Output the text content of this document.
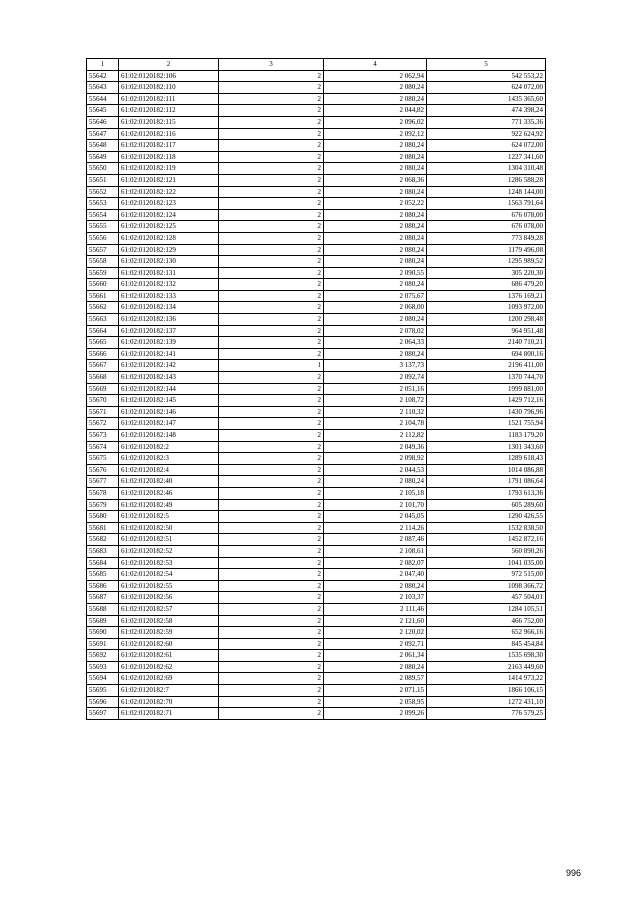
1	2	3	4	5
55642	61:02:0120182:106	2	2 062,94	542 553,22
55643	61:02:0120182:110	2	2 080,24	624 072,00
55644	61:02:0120182:111	2	2 080,24	1435 365,60
55645	61:02:0120182:112	2	2 044,82	474 398,24
55646	61:02:0120182:115	2	2 096,02	771 335,36
55647	61:02:0120182:116	2	2 092,12	922 624,92
55648	61:02:0120182:117	2	2 080,24	624 072,00
55649	61:02:0120182:118	2	2 080,24	1227 341,60
55650	61:02:0120182:119	2	2 080,24	1304 310,48
55651	61:02:0120182:121	2	2 068,36	1286 588,28
55652	61:02:0120182:122	2	2 080,24	1248 144,00
55653	61:02:0120182:123	2	2 052,22	1563 791,64
55654	61:02:0120182:124	2	2 080,24	676 078,00
55655	61:02:0120182:125	2	2 080,24	676 078,00
55656	61:02:0120182:128	2	2 080,24	773 849,28
55657	61:02:0120182:129	2	2 080,24	1179 496,08
55658	61:02:0120182:130	2	2 080,24	1295 989,52
55659	61:02:0120182:131	2	2 090,55	305 220,30
55660	61:02:0120182:132	2	2 080,24	686 479,20
55661	61:02:0120182:133	2	2 075,67	1376 169,21
55662	61:02:0120182:134	2	2 068,00	1093 972,00
55663	61:02:0120182:136	2	2 080,24	1200 298,48
55664	61:02:0120182:137	2	2 078,02	964 951,48
55665	61:02:0120182:139	2	2 064,33	2140 710,21
55666	61:02:0120182:141	2	2 080,24	694 800,16
55667	61:02:0120182:142	1	3 137,73	2196 411,00
55668	61:02:0120182:143	2	2 092,74	1370 744,70
55669	61:02:0120182:144	2	2 051,16	1999 881,00
55670	61:02:0120182:145	2	2 108,72	1429 712,16
55671	61:02:0120182:146	2	2 110,32	1430 796,96
55672	61:02:0120182:147	2	2 104,78	1521 755,94
55673	61:02:0120182:148	2	2 112,82	1183 179,20
55674	61:02:0120182:2	2	2 049,36	1301 343,60
55675	61:02:0120182:3	2	2 098,92	1289 618,43
55676	61:02:0120182:4	2	2 044,53	1014 086,88
55677	61:02:0120182:40	2	2 080,24	1791 086,64
55678	61:02:0120182:46	2	2 105,18	1793 613,36
55679	61:02:0120182:49	2	2 101,70	605 289,60
55680	61:02:0120182:5	2	2 045,05	1290 426,55
55681	61:02:0120182:50	2	2 114,26	1532 838,50
55682	61:02:0120182:51	2	2 087,46	1452 872,16
55683	61:02:0120182:52	2	2 108,61	560 890,26
55684	61:02:0120182:53	2	2 082,07	1041 035,00
55685	61:02:0120182:54	2	2 047,40	972 515,00
55686	61:02:0120182:55	2	2 080,24	1098 366,72
55687	61:02:0120182:56	2	2 103,37	457 504,01
55688	61:02:0120182:57	2	2 111,46	1284 105,51
55689	61:02:0120182:58	2	2 121,60	466 752,00
55690	61:02:0120182:59	2	2 120,02	652 966,16
55691	61:02:0120182:60	2	2 092,71	845 454,84
55692	61:02:0120182:61	2	2 061,34	1535 698,30
55693	61:02:0120182:62	2	2 080,24	2163 449,60
55694	61:02:0120182:69	2	2 089,57	1414 973,22
55695	61:02:0120182:7	2	2 071,15	1866 106,15
55696	61:02:0120182:70	2	2 058,95	1272 431,10
55697	61:02:0120182:71	2	2 099,26	776 579,25
996
